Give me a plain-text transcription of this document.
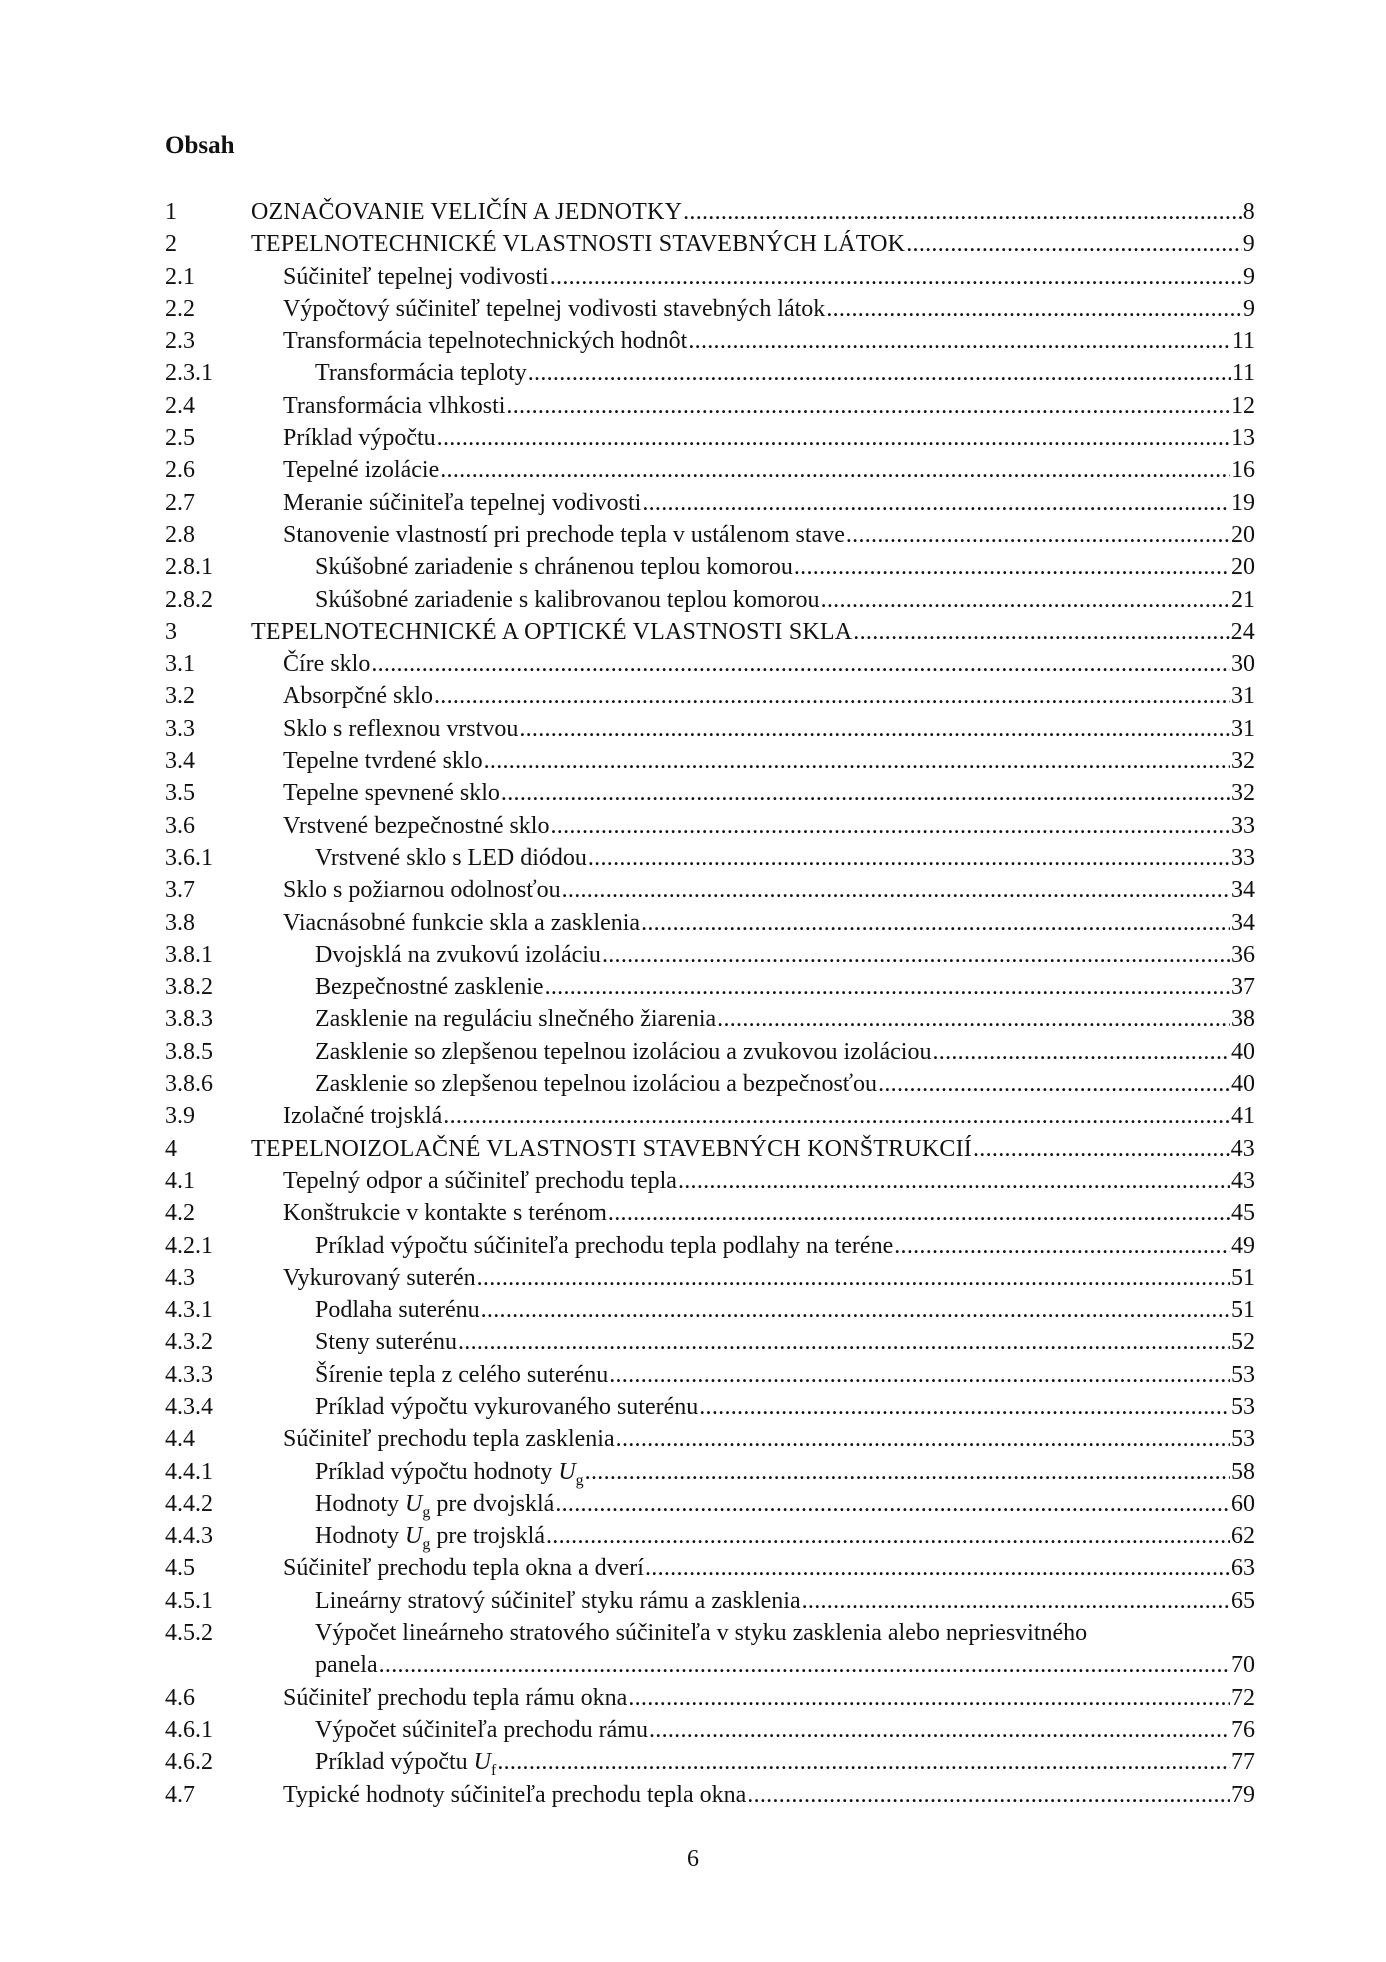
Obsah
1	OZNAČOVANIE VELIČÍN A JEDNOTKY .....	8
2	TEPELNOTECHNICKÉ VLASTNOSTI STAVEBNÝCH LÁTOK .....	9
2.1	Súčiniteľ tepelnej vodivosti .....	9
2.2	Výpočtový súčiniteľ tepelnej vodivosti stavebných látok .....	9
2.3	Transformácia tepelnotechnických hodnôt .....	11
2.3.1	Transformácia teploty .....	11
2.4	Transformácia vlhkosti .....	12
2.5	Príklad výpočtu .....	13
2.6	Tepelné izolácie .....	16
2.7	Meranie súčiniteľa tepelnej vodivosti .....	19
2.8	Stanovenie vlastností pri prechode tepla v ustálenom stave .....	20
2.8.1	Skúšobné zariadenie s chránenou teplou komorou .....	20
2.8.2	Skúšobné zariadenie s kalibrovanou teplou komorou .....	21
3	TEPELNOTECHNICKÉ A OPTICKÉ VLASTNOSTI SKLA .....	24
3.1	Číre sklo .....	30
3.2	Absorpčné sklo .....	31
3.3	Sklo s reflexnou vrstvou .....	31
3.4	Tepelne tvrdené sklo .....	32
3.5	Tepelne spevnené sklo .....	32
3.6	Vrstvené bezpečnostné sklo .....	33
3.6.1	Vrstvené sklo s LED diódou .....	33
3.7	Sklo s požiarnou odolnosťou .....	34
3.8	Viacnásobné funkcie skla a zasklenia .....	34
3.8.1	Dvojsklá na zvukovú izoláciu .....	36
3.8.2	Bezpečnostné zasklenie .....	37
3.8.3	Zasklenie na reguláciu slnečného žiarenia .....	38
3.8.5	Zasklenie so zlepšenou tepelnou izoláciou a zvukovou izoláciou .....	40
3.8.6	Zasklenie so zlepšenou tepelnou izoláciou a bezpečnosťou .....	40
3.9	Izolačné trojsklá .....	41
4	TEPELNOIZOLAČNÉ VLASTNOSTI STAVEBNÝCH KONŠTRUKCIÍ .....	43
4.1	Tepelný odpor a súčiniteľ prechodu tepla .....	43
4.2	Konštrukcie v kontakte s terénom .....	45
4.2.1	Príklad výpočtu súčiniteľa prechodu tepla podlahy na teréne .....	49
4.3	Vykurovaný suterén .....	51
4.3.1	Podlaha suterénu .....	51
4.3.2	Steny suterénu .....	52
4.3.3	Šírenie tepla z celého suterénu .....	53
4.3.4	Príklad výpočtu vykurovaného suterénu .....	53
4.4	Súčiniteľ prechodu tepla zasklenia .....	53
4.4.1	Príklad výpočtu hodnoty $U_g$ .....	58
4.4.2	Hodnoty $U_g$ pre dvojsklá .....	60
4.4.3	Hodnoty $U_g$ pre trojsklá .....	62
4.5	Súčiniteľ prechodu tepla okna a dverí .....	63
4.5.1	Lineárny stratový súčiniteľ styku rámu a zasklenia .....	65
4.5.2	Výpočet lineárneho stratového súčiniteľa v styku zasklenia alebo nepriesvitného
panela .....	70
4.6	Súčiniteľ prechodu tepla rámu okna .....	72
4.6.1	Výpočet súčiniteľa prechodu rámu .....	76
4.6.2	Príklad výpočtu $U_f$ .....	77
4.7	Typické hodnoty súčiniteľa prechodu tepla okna .....	79
6
